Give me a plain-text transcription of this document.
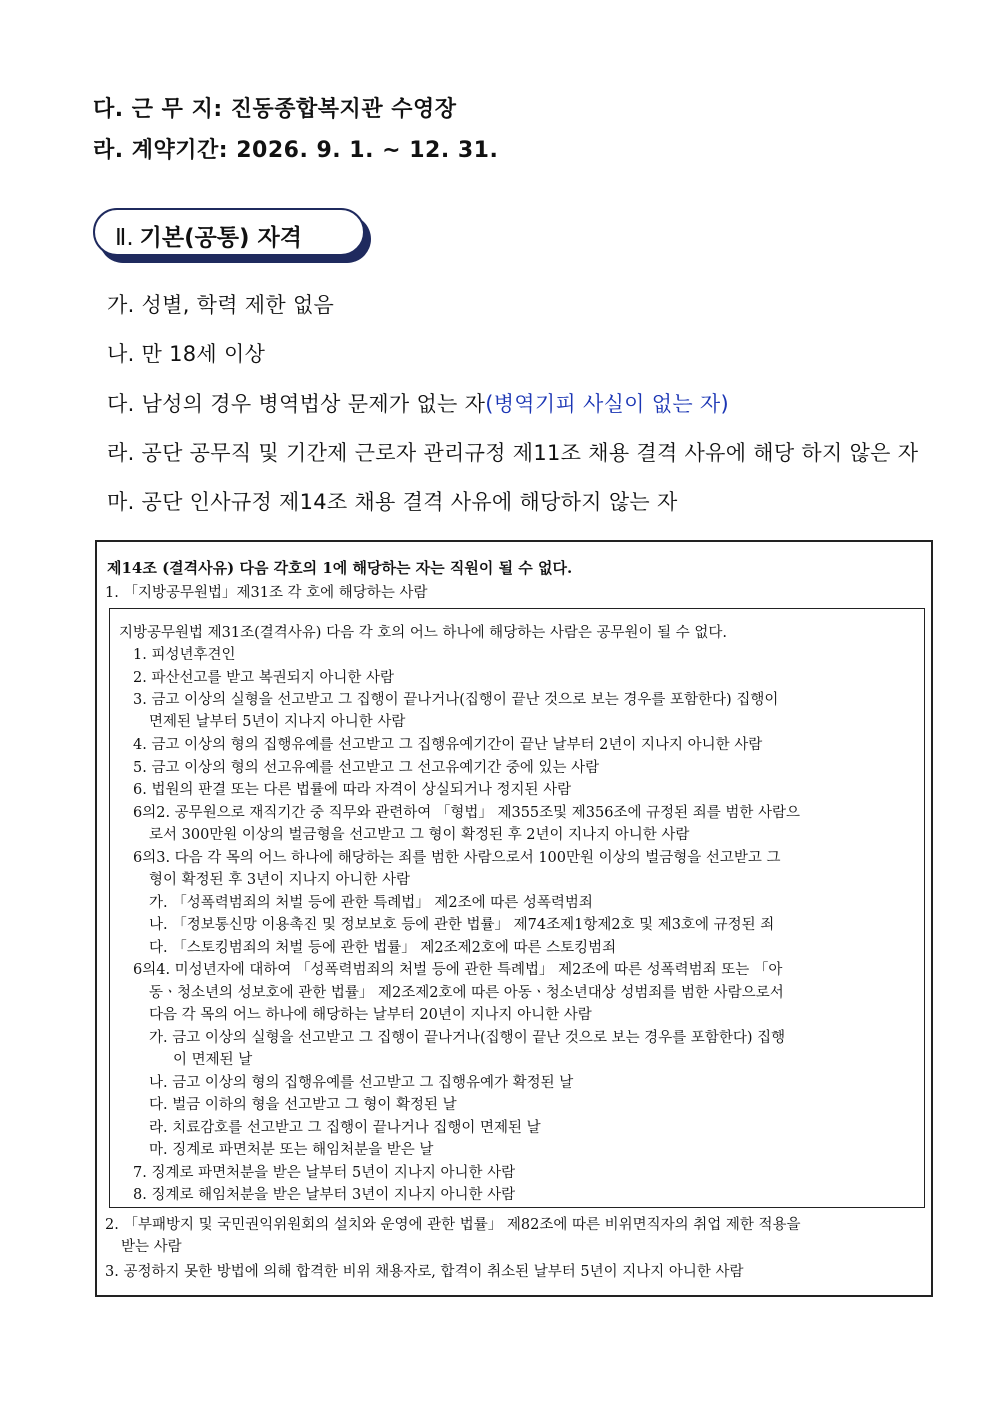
다. 근 무 지: 진동종합복지관 수영장
라. 계약기간: 2026. 9. 1. ~ 12. 31.
Ⅱ. 기본(공통) 자격
가. 성별, 학력 제한 없음
나. 만 18세 이상
다. 남성의 경우 병역법상 문제가 없는 자(병역기피 사실이 없는 자)
라. 공단 공무직 및 기간제 근로자 관리규정 제11조 채용 결격 사유에 해당 하지 않은 자
마. 공단 인사규정 제14조 채용 결격 사유에 해당하지 않는 자
제14조 (결격사유) 다음 각호의 1에 해당하는 자는 직원이 될 수 없다.
1. 「지방공무원법」제31조 각 호에 해당하는 사람
지방공무원법 제31조(결격사유) 다음 각 호의 어느 하나에 해당하는 사람은 공무원이 될 수 없다.
1. 피성년후견인
2. 파산선고를 받고 복권되지 아니한 사람
3. 금고 이상의 실형을 선고받고 그 집행이 끝나거나(집행이 끝난 것으로 보는 경우를 포함한다) 집행이
면제된 날부터 5년이 지나지 아니한 사람
4. 금고 이상의 형의 집행유예를 선고받고 그 집행유예기간이 끝난 날부터 2년이 지나지 아니한 사람
5. 금고 이상의 형의 선고유예를 선고받고 그 선고유예기간 중에 있는 사람
6. 법원의 판결 또는 다른 법률에 따라 자격이 상실되거나 정지된 사람
6의2. 공무원으로 재직기간 중 직무와 관련하여 「형법」 제355조및 제356조에 규정된 죄를 범한 사람으
로서 300만원 이상의 벌금형을 선고받고 그 형이 확정된 후 2년이 지나지 아니한 사람
6의3. 다음 각 목의 어느 하나에 해당하는 죄를 범한 사람으로서 100만원 이상의 벌금형을 선고받고 그
형이 확정된 후 3년이 지나지 아니한 사람
가. 「성폭력범죄의 처벌 등에 관한 특례법」 제2조에 따른 성폭력범죄
나. 「정보통신망 이용촉진 및 정보보호 등에 관한 법률」 제74조제1항제2호 및 제3호에 규정된 죄
다. 「스토킹범죄의 처벌 등에 관한 법률」 제2조제2호에 따른 스토킹범죄
6의4. 미성년자에 대하여 「성폭력범죄의 처벌 등에 관한 특례법」 제2조에 따른 성폭력범죄 또는 「아
동ㆍ청소년의 성보호에 관한 법률」 제2조제2호에 따른 아동ㆍ청소년대상 성범죄를 범한 사람으로서
다음 각 목의 어느 하나에 해당하는 날부터 20년이 지나지 아니한 사람
가. 금고 이상의 실형을 선고받고 그 집행이 끝나거나(집행이 끝난 것으로 보는 경우를 포함한다) 집행
이 면제된 날
나. 금고 이상의 형의 집행유예를 선고받고 그 집행유예가 확정된 날
다. 벌금 이하의 형을 선고받고 그 형이 확정된 날
라. 치료감호를 선고받고 그 집행이 끝나거나 집행이 면제된 날
마. 징계로 파면처분 또는 해임처분을 받은 날
7. 징계로 파면처분을 받은 날부터 5년이 지나지 아니한 사람
8. 징계로 해임처분을 받은 날부터 3년이 지나지 아니한 사람
2. 「부패방지 및 국민권익위원회의 설치와 운영에 관한 법률」 제82조에 따른 비위면직자의 취업 제한 적용을
받는 사람
3. 공정하지 못한 방법에 의해 합격한 비위 채용자로, 합격이 취소된 날부터 5년이 지나지 아니한 사람
